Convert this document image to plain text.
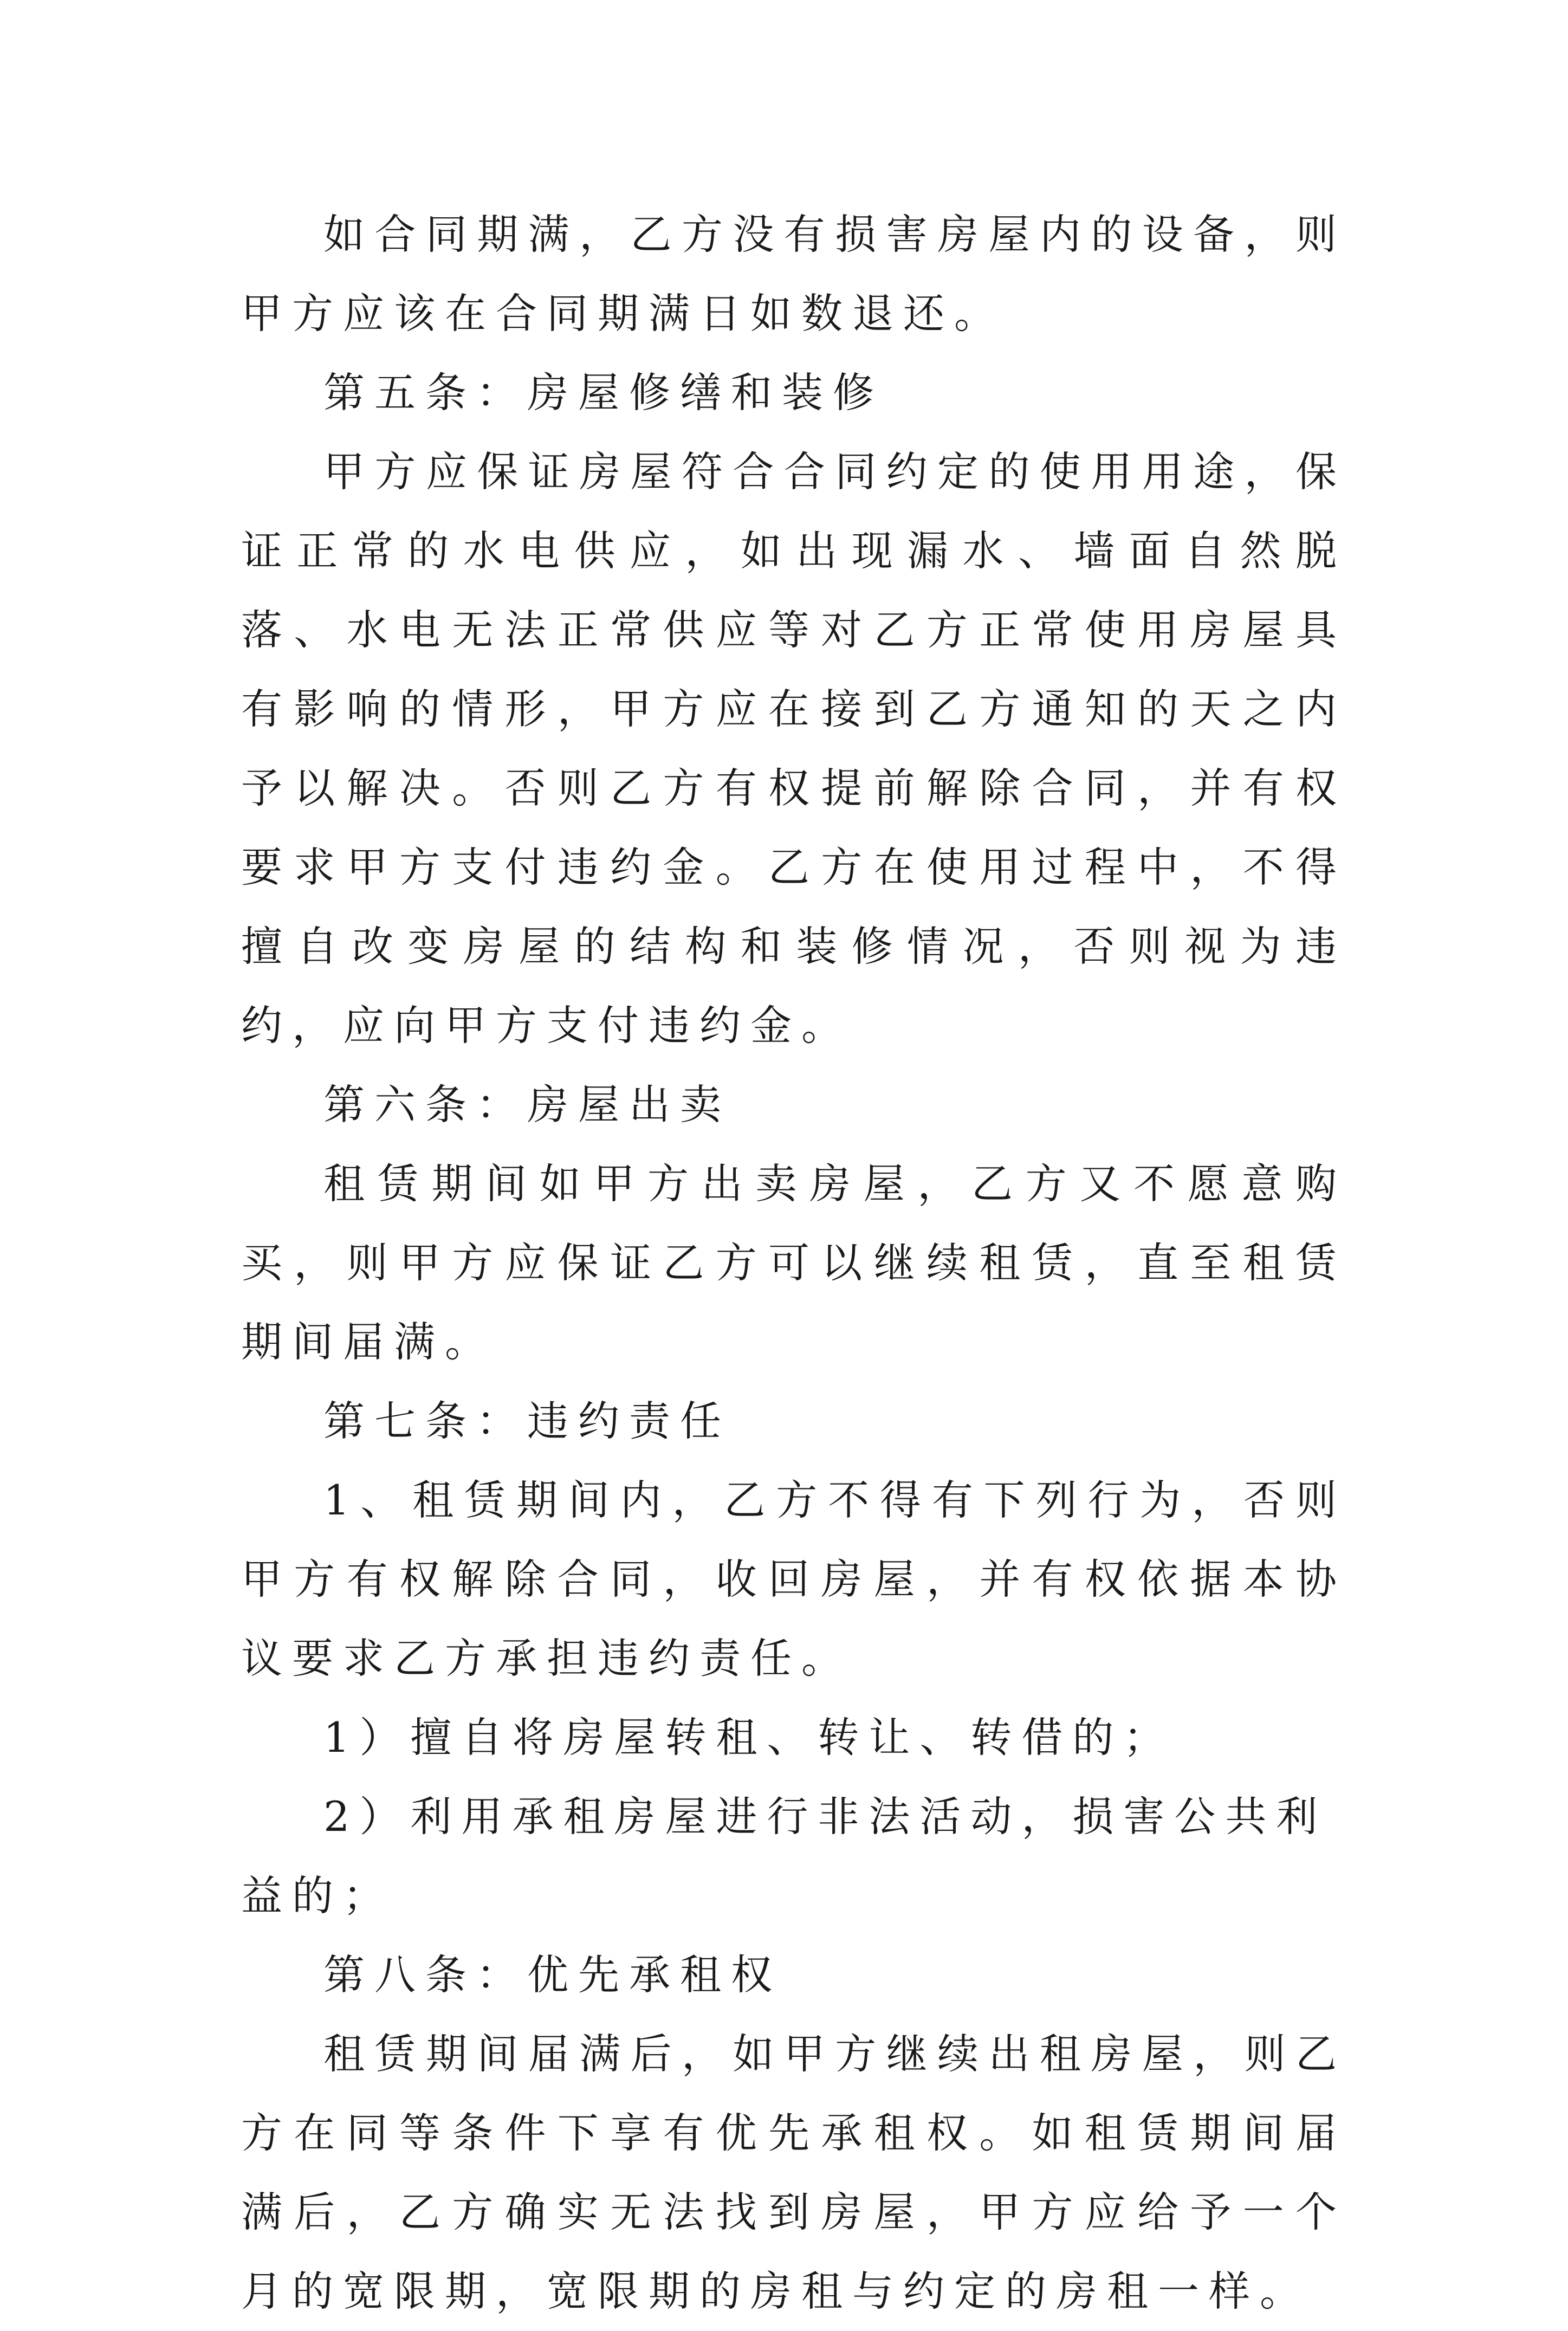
如合同期满，乙方没有损害房屋内的设备，则甲方应该在合同期满日如数退还。

第五条：房屋修缮和装修

甲方应保证房屋符合合同约定的使用用途，保证正常的水电供应，如出现漏水、墙面自然脱落、水电无法正常供应等对乙方正常使用房屋具有影响的情形，甲方应在接到乙方通知的天之内予以解决。否则乙方有权提前解除合同，并有权要求甲方支付违约金。乙方在使用过程中，不得擅自改变房屋的结构和装修情况，否则视为违约，应向甲方支付违约金。

第六条：房屋出卖

租赁期间如甲方出卖房屋，乙方又不愿意购买，则甲方应保证乙方可以继续租赁，直至租赁期间届满。

第七条：违约责任

1、租赁期间内，乙方不得有下列行为，否则甲方有权解除合同，收回房屋，并有权依据本协议要求乙方承担违约责任。

1）擅自将房屋转租、转让、转借的；

2）利用承租房屋进行非法活动，损害公共利益的；

第八条：优先承租权

租赁期间届满后，如甲方继续出租房屋，则乙方在同等条件下享有优先承租权。如租赁期间届满后，乙方确实无法找到房屋，甲方应给予一个月的宽限期，宽限期的房租与约定的房租一样。
